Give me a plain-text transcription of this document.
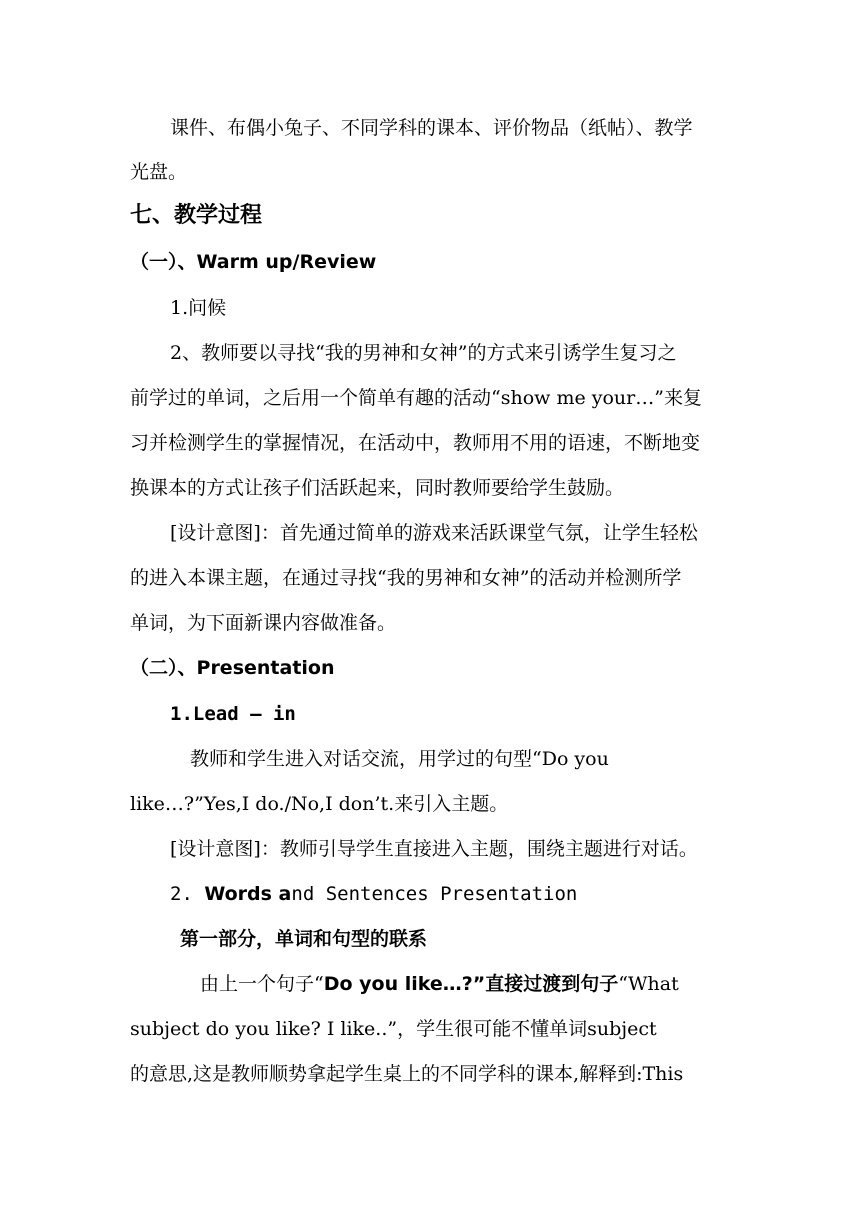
课件、布偶小兔子、不同学科的课本、评价物品（纸帖）、教学
光盘。
七、教学过程
（一）、Warm up/Review
1.问候
2、教师要以寻找“我的男神和女神”的方式来引诱学生复习之
前学过的单词，之后用一个简单有趣的活动“show me your…”来复
习并检测学生的掌握情况，在活动中，教师用不用的语速，不断地变
换课本的方式让孩子们活跃起来，同时教师要给学生鼓励。
[设计意图]：首先通过简单的游戏来活跃课堂气氛，让学生轻松
的进入本课主题，在通过寻找“我的男神和女神”的活动并检测所学
单词，为下面新课内容做准备。
（二）、Presentation
1.Lead – in
教师和学生进入对话交流，用学过的句型“Do you
like…?”Yes,I do./No,I don’t.来引入主题。
[设计意图]：教师引导学生直接进入主题，围绕主题进行对话。
2. Words and Sentences Presentation
第一部分，单词和句型的联系
由上一个句子“Do you like…?”直接过渡到句子“What
subject do you like? I like..”，学生很可能不懂单词subject
的意思,这是教师顺势拿起学生桌上的不同学科的课本,解释到:This
